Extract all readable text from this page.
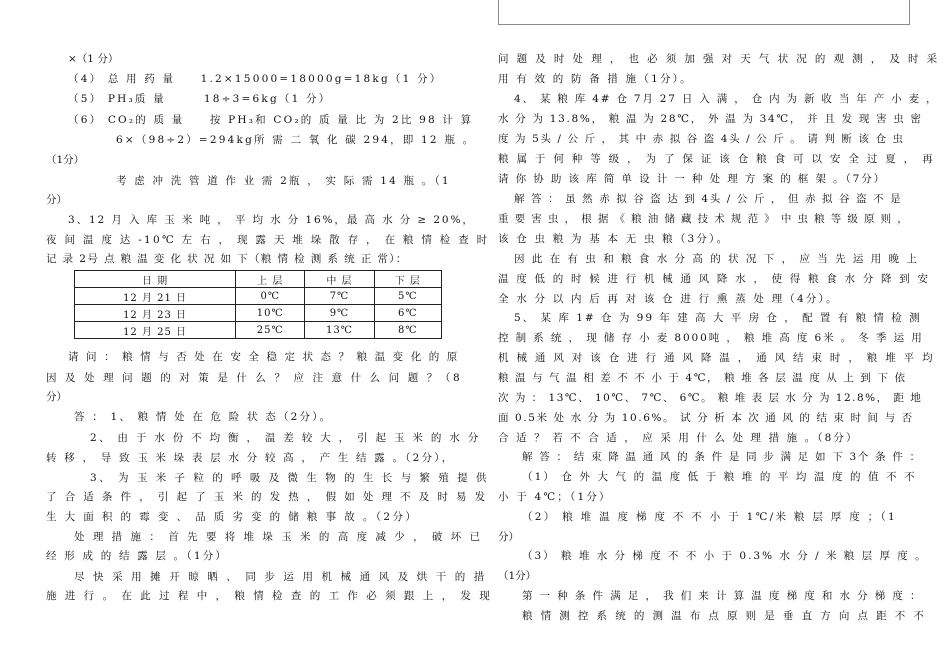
×（1 分）
（4） 总 用 药 量　　1.2×15000=18000g=18kg（1 分）
（5） PH₃质 量　　　18÷3=6kg（1 分）
（6） CO₂的 质 量　　按 PH₃和 CO₂的 质 量 比 为 2比 98 计 算
6×（98÷2）=294kg所 需 二 氧 化 碳 294，即 12 瓶 。
（1分）
考 虑 冲 洗 管 道 作 业 需 2瓶 ， 实 际 需 14 瓶 。（1
分）
3、12 月 入 库 玉 米 吨 ， 平 均 水 分 16%，最 高 水 分 ≥ 20%，
夜 间 温 度 达 -10℃ 左 右 ， 现 露 天 堆 垛 散 存 ， 在 粮 情 检 查 时
记 录 2号 点 粮 温 变 化 状 况 如 下（粮 情 检 测 系 统 正 常）：
日 期	上 层	中 层	下 层
12 月 21 日	0℃	7℃	5℃
12 月 23 日	10℃	9℃	6℃
12 月 25 日	25℃	13℃	8℃
请 问 ： 粮 情 与 否 处 在 安 全 稳 定 状 态 ？ 粮 温 变 化 的 原
因 及 处 理 问 题 的 对 策 是 什 么 ？ 应 注 意 什 么 问 题 ？（8
分）
答 ： 1、 粮 情 处 在 危 险 状 态（2分）。
2、 由 于 水 份 不 均 衡 ， 温 差 较 大 ， 引 起 玉 米 的 水 分
转 移 ， 导 致 玉 米 垛 表 层 水 分 较 高 ， 产 生 结 露 。（2分），
3、 为 玉 米 子 粒 的 呼 吸 及 微 生 物 的 生 长 与 繁 殖 提 供
了 合 适 条 件 ， 引 起 了 玉 米 的 发 热 ， 假 如 处 理 不 及 时 易 发
生 大 面 积 的 霉 变 、 品 质 劣 变 的 储 粮 事 故 。（2分）
处 理 措 施 ： 首 先 要 将 堆 垛 玉 米 的 高 度 减 少 ， 破 坏 已
经 形 成 的 结 露 层 。（1分）
尽 快 采 用 摊 开 晾 晒 、 同 步 运 用 机 械 通 风 及 烘 干 的 措
施 进 行 。 在 此 过 程 中 ， 粮 情 检 查 的 工 作 必 须 跟 上 ， 发 现
问 题 及 时 处 理 ， 也 必 须 加 强 对 天 气 状 况 的 观 测 ， 及 时 采
用 有 效 的 防 备 措 施（1分）。
4、 某 粮 库 4# 仓 7月 27 日 入 满 ， 仓 内 为 新 收 当 年 产 小 麦 ，
水 分 为 13.8%， 粮 温 为 28℃， 外 温 为 34℃， 并 且 发 现 害 虫 密
度 为 5头 / 公 斤 ， 其 中 赤 拟 谷 盗 4头 / 公 斤 。 请 判 断 该 仓 虫
粮 属 于 何 种 等 级 ， 为 了 保 证 该 仓 粮 食 可 以 安 全 过 夏 ， 再
请 你 协 助 该 库 简 单 设 计 一 种 处 理 方 案 的 框 架 。（7分）
解 答 ： 虽 然 赤 拟 谷 盗 达 到 4头 / 公 斤 ， 但 赤 拟 谷 盗 不 是
重 要 害 虫 ， 根 据 《 粮 油 储 藏 技 术 规 范 》 中 虫 粮 等 级 原 则 ，
该 仓 虫 粮 为 基 本 无 虫 粮（3分）。
因 此 在 有 虫 和 粮 食 水 分 高 的 状 况 下 ， 应 当 先 运 用 晚 上
温 度 低 的 时 候 进 行 机 械 通 风 降 水 ， 使 得 粮 食 水 分 降 到 安
全 水 分 以 内 后 再 对 该 仓 进 行 熏 蒸 处 理（4分）。
5、 某 库 1# 仓 为 99 年 建 高 大 平 房 仓 ， 配 置 有 粮 情 检 测
控 制 系 统 ， 现 储 存 小 麦 8000吨 ， 粮 堆 高 度 6米 。 冬 季 运 用
机 械 通 风 对 该 仓 进 行 通 风 降 温 ， 通 风 结 束 时 ， 粮 堆 平 均
粮 温 与 气 温 相 差 不 不 小 于 4℃， 粮 堆 各 层 温 度 从 上 到 下 依
次 为 ： 13℃、 10℃、 7℃、 6℃。 粮 堆 表 层 水 分 为 12.8%， 距 地
面 0.5米 处 水 分 为 10.6%。 试 分 析 本 次 通 风 的 结 束 时 间 与 否
合 适 ？ 若 不 合 适 ， 应 采 用 什 么 处 理 措 施 。（8分）
解 答 ： 结 束 降 温 通 风 的 条 件 是 同 步 满 足 如 下 3个 条 件 ：
（1） 仓 外 大 气 的 温 度 低 于 粮 堆 的 平 均 温 度 的 值 不 不
小 于 4℃；（1分）
（2） 粮 堆 温 度 梯 度 不 不 小 于 1℃/米 粮 层 厚 度 ；（1
分）
（3） 粮 堆 水 分 梯 度 不 不 小 于 0.3% 水 分 / 米 粮 层 厚 度 。
（1分）
第 一 种 条 件 满 足 ， 我 们 来 计 算 温 度 梯 度 和 水 分 梯 度 ：
粮 情 测 控 系 统 的 测 温 布 点 原 则 是 垂 直 方 向 点 距 不 不
